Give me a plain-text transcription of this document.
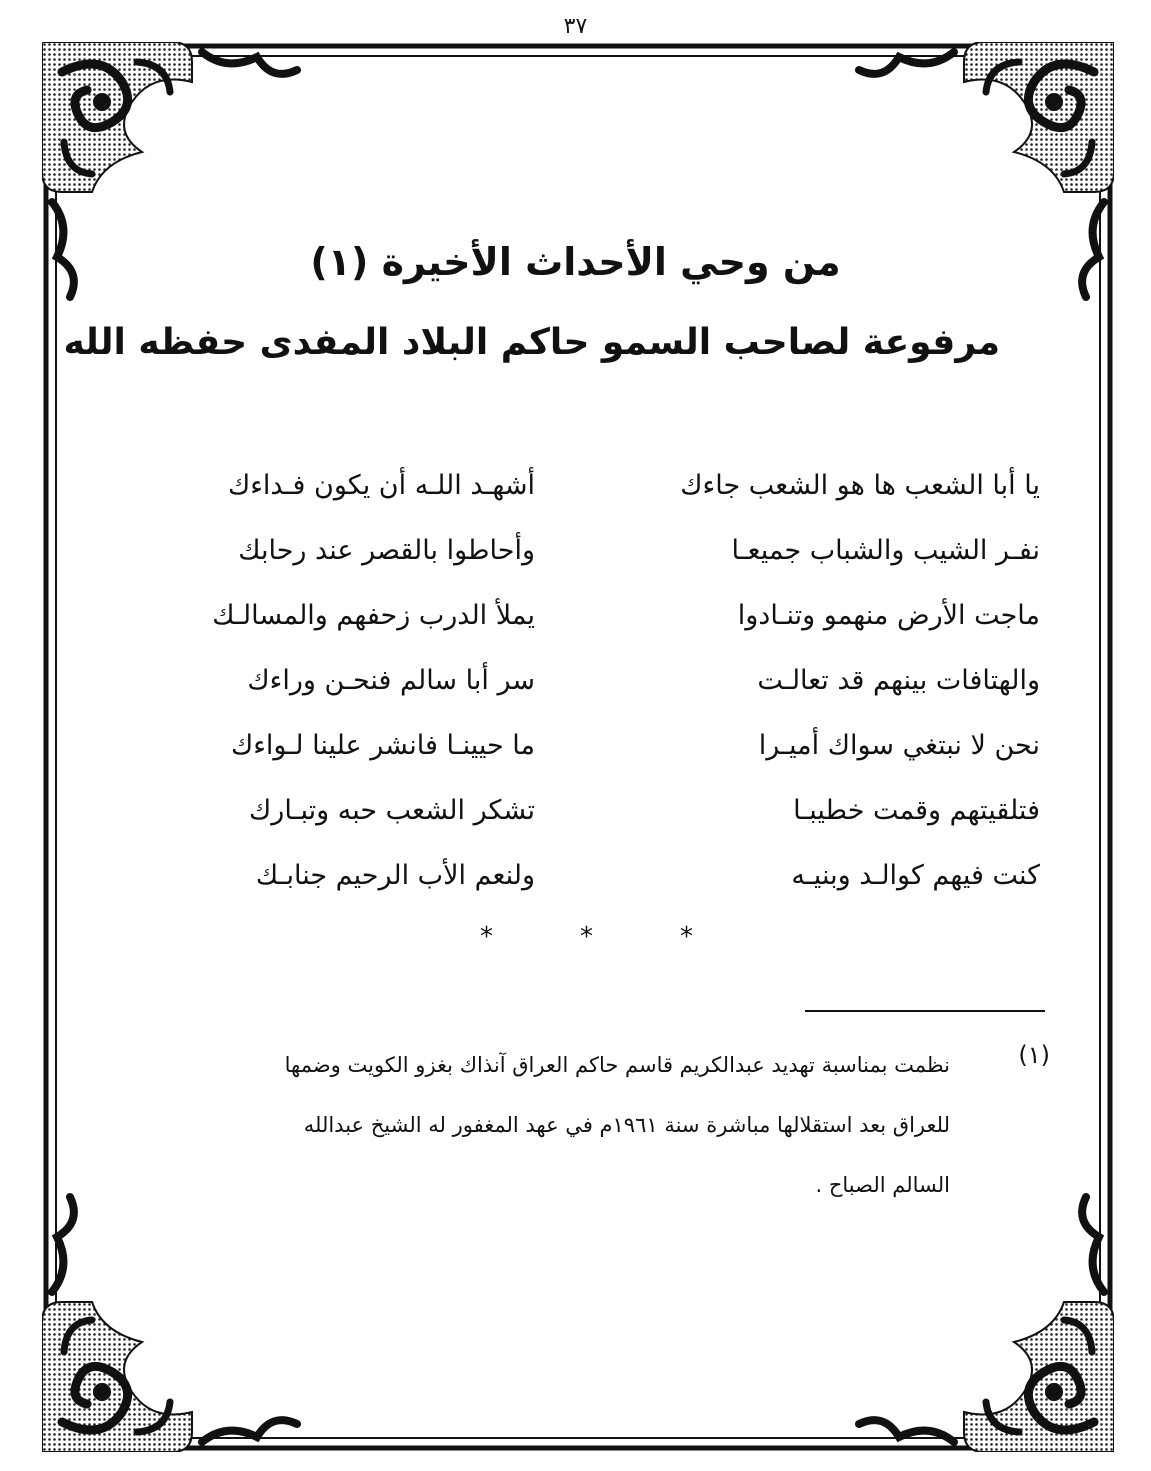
٣٧
من وحي الأحداث الأخيرة (١)
مرفوعة لصاحب السمو حاكم البلاد المفدى حفظه الله
يا أبا الشعب ها هو الشعب جاءك
أشهـد اللـه أن يكون فـداءك
نفـر الشيب والشباب جميعـا
وأحاطوا بالقصر عند رحابك
ماجت الأرض منهمو وتنـادوا
يملأ الدرب زحفهم والمسالـك
والهتافات بينهم قد تعالـت
سر أبا سالم فنحـن وراءك
نحن لا نبتغي سواك أميـرا
ما حيينـا فانشر علينا لـواءك
فتلقيتهم وقمت خطيبـا
تشكر الشعب حبه وتبـارك
كنت فيهم كوالـد وبنيـه
ولنعم الأب الرحيم جنابـك
*	*	*
(١)
نظمت بمناسبة تهديد عبدالكريم قاسم حاكم العراق آنذاك بغزو الكويت وضمها
للعراق بعد استقلالها مباشرة سنة ١٩٦١م في عهد المغفور له الشيخ عبدالله
السالم الصباح .
